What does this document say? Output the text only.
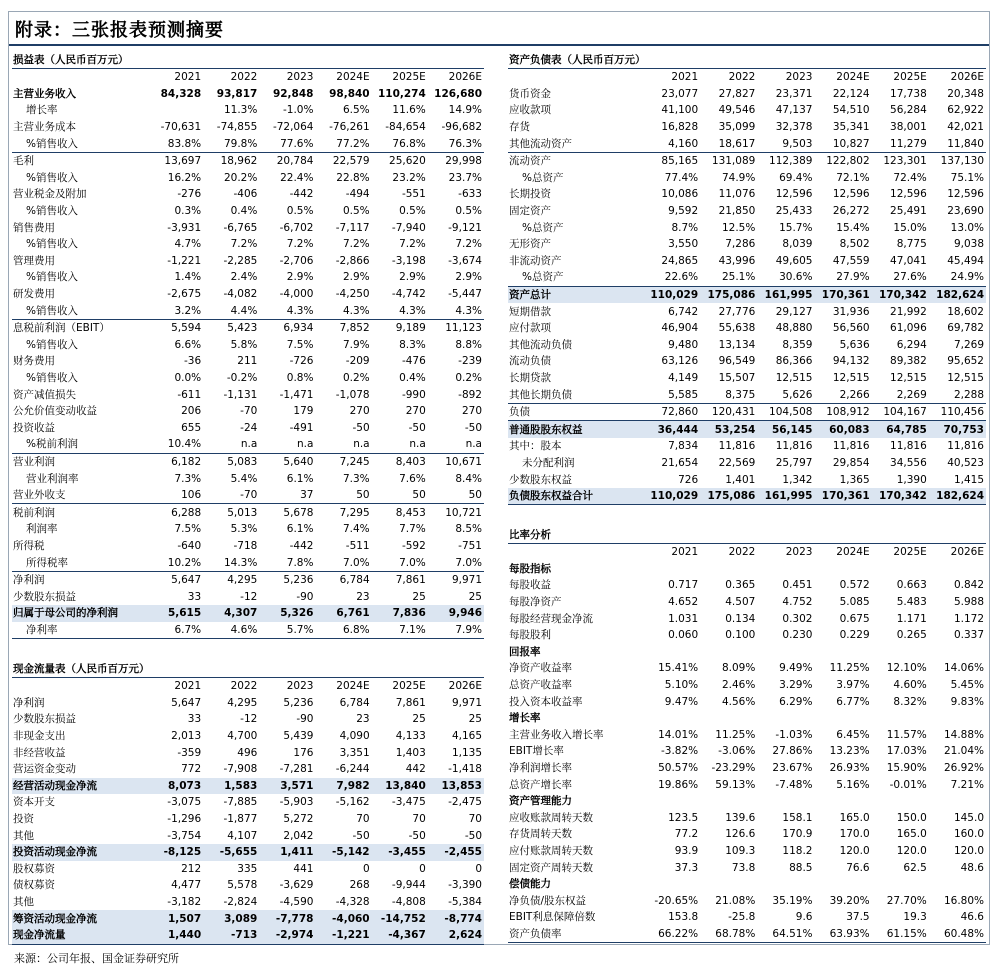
附录：三张报表预测摘要
损益表（人民币百万元）
	2021	2022	2023	2024E	2025E	2026E
主营业务收入	84,328	93,817	92,848	98,840	110,274	126,680
增长率		11.3%	-1.0%	6.5%	11.6%	14.9%
主营业务成本	-70,631	-74,855	-72,064	-76,261	-84,654	-96,682
%销售收入	83.8%	79.8%	77.6%	77.2%	76.8%	76.3%
毛利	13,697	18,962	20,784	22,579	25,620	29,998
%销售收入	16.2%	20.2%	22.4%	22.8%	23.2%	23.7%
营业税金及附加	-276	-406	-442	-494	-551	-633
%销售收入	0.3%	0.4%	0.5%	0.5%	0.5%	0.5%
销售费用	-3,931	-6,765	-6,702	-7,117	-7,940	-9,121
%销售收入	4.7%	7.2%	7.2%	7.2%	7.2%	7.2%
管理费用	-1,221	-2,285	-2,706	-2,866	-3,198	-3,674
%销售收入	1.4%	2.4%	2.9%	2.9%	2.9%	2.9%
研发费用	-2,675	-4,082	-4,000	-4,250	-4,742	-5,447
%销售收入	3.2%	4.4%	4.3%	4.3%	4.3%	4.3%
息税前利润（EBIT）	5,594	5,423	6,934	7,852	9,189	11,123
%销售收入	6.6%	5.8%	7.5%	7.9%	8.3%	8.8%
财务费用	-36	211	-726	-209	-476	-239
%销售收入	0.0%	-0.2%	0.8%	0.2%	0.4%	0.2%
资产减值损失	-611	-1,131	-1,471	-1,078	-990	-892
公允价值变动收益	206	-70	179	270	270	270
投资收益	655	-24	-491	-50	-50	-50
%税前利润	10.4%	n.a	n.a	n.a	n.a	n.a
营业利润	6,182	5,083	5,640	7,245	8,403	10,671
营业利润率	7.3%	5.4%	6.1%	7.3%	7.6%	8.4%
营业外收支	106	-70	37	50	50	50
税前利润	6,288	5,013	5,678	7,295	8,453	10,721
利润率	7.5%	5.3%	6.1%	7.4%	7.7%	8.5%
所得税	-640	-718	-442	-511	-592	-751
所得税率	10.2%	14.3%	7.8%	7.0%	7.0%	7.0%
净利润	5,647	4,295	5,236	6,784	7,861	9,971
少数股东损益	33	-12	-90	23	25	25
归属于母公司的净利润	5,615	4,307	5,326	6,761	7,836	9,946
净利率	6.7%	4.6%	5.7%	6.8%	7.1%	7.9%
现金流量表（人民币百万元）
	2021	2022	2023	2024E	2025E	2026E
净利润	5,647	4,295	5,236	6,784	7,861	9,971
少数股东损益	33	-12	-90	23	25	25
非现金支出	2,013	4,700	5,439	4,090	4,133	4,165
非经营收益	-359	496	176	3,351	1,403	1,135
营运资金变动	772	-7,908	-7,281	-6,244	442	-1,418
经营活动现金净流	8,073	1,583	3,571	7,982	13,840	13,853
资本开支	-3,075	-7,885	-5,903	-5,162	-3,475	-2,475
投资	-1,296	-1,877	5,272	70	70	70
其他	-3,754	4,107	2,042	-50	-50	-50
投资活动现金净流	-8,125	-5,655	1,411	-5,142	-3,455	-2,455
股权募资	212	335	441	0	0	0
债权募资	4,477	5,578	-3,629	268	-9,944	-3,390
其他	-3,182	-2,824	-4,590	-4,328	-4,808	-5,384
筹资活动现金净流	1,507	3,089	-7,778	-4,060	-14,752	-8,774
现金净流量	1,440	-713	-2,974	-1,221	-4,367	2,624
资产负债表（人民币百万元）
	2021	2022	2023	2024E	2025E	2026E
货币资金	23,077	27,827	23,371	22,124	17,738	20,348
应收款项	41,100	49,546	47,137	54,510	56,284	62,922
存货	16,828	35,099	32,378	35,341	38,001	42,021
其他流动资产	4,160	18,617	9,503	10,827	11,279	11,840
流动资产	85,165	131,089	112,389	122,802	123,301	137,130
%总资产	77.4%	74.9%	69.4%	72.1%	72.4%	75.1%
长期投资	10,086	11,076	12,596	12,596	12,596	12,596
固定资产	9,592	21,850	25,433	26,272	25,491	23,690
%总资产	8.7%	12.5%	15.7%	15.4%	15.0%	13.0%
无形资产	3,550	7,286	8,039	8,502	8,775	9,038
非流动资产	24,865	43,996	49,605	47,559	47,041	45,494
%总资产	22.6%	25.1%	30.6%	27.9%	27.6%	24.9%
资产总计	110,029	175,086	161,995	170,361	170,342	182,624
短期借款	6,742	27,776	29,127	31,936	21,992	18,602
应付款项	46,904	55,638	48,880	56,560	61,096	69,782
其他流动负债	9,480	13,134	8,359	5,636	6,294	7,269
流动负债	63,126	96,549	86,366	94,132	89,382	95,652
长期贷款	4,149	15,507	12,515	12,515	12,515	12,515
其他长期负债	5,585	8,375	5,626	2,266	2,269	2,288
负债	72,860	120,431	104,508	108,912	104,167	110,456
普通股股东权益	36,444	53,254	56,145	60,083	64,785	70,753
其中：股本	7,834	11,816	11,816	11,816	11,816	11,816
未分配利润	21,654	22,569	25,797	29,854	34,556	40,523
少数股东权益	726	1,401	1,342	1,365	1,390	1,415
负债股东权益合计	110,029	175,086	161,995	170,361	170,342	182,624
比率分析
	2021	2022	2023	2024E	2025E	2026E
每股指标						
每股收益	0.717	0.365	0.451	0.572	0.663	0.842
每股净资产	4.652	4.507	4.752	5.085	5.483	5.988
每股经营现金净流	1.031	0.134	0.302	0.675	1.171	1.172
每股股利	0.060	0.100	0.230	0.229	0.265	0.337
回报率						
净资产收益率	15.41%	8.09%	9.49%	11.25%	12.10%	14.06%
总资产收益率	5.10%	2.46%	3.29%	3.97%	4.60%	5.45%
投入资本收益率	9.47%	4.56%	6.29%	6.77%	8.32%	9.83%
增长率						
主营业务收入增长率	14.01%	11.25%	-1.03%	6.45%	11.57%	14.88%
EBIT增长率	-3.82%	-3.06%	27.86%	13.23%	17.03%	21.04%
净利润增长率	50.57%	-23.29%	23.67%	26.93%	15.90%	26.92%
总资产增长率	19.86%	59.13%	-7.48%	5.16%	-0.01%	7.21%
资产管理能力						
应收账款周转天数	123.5	139.6	158.1	165.0	150.0	145.0
存货周转天数	77.2	126.6	170.9	170.0	165.0	160.0
应付账款周转天数	93.9	109.3	118.2	120.0	120.0	120.0
固定资产周转天数	37.3	73.8	88.5	76.6	62.5	48.6
偿债能力						
净负债/股东权益	-20.65%	21.08%	35.19%	39.20%	27.70%	16.80%
EBIT利息保障倍数	153.8	-25.8	9.6	37.5	19.3	46.6
资产负债率	66.22%	68.78%	64.51%	63.93%	61.15%	60.48%
来源：公司年报、国金证券研究所
